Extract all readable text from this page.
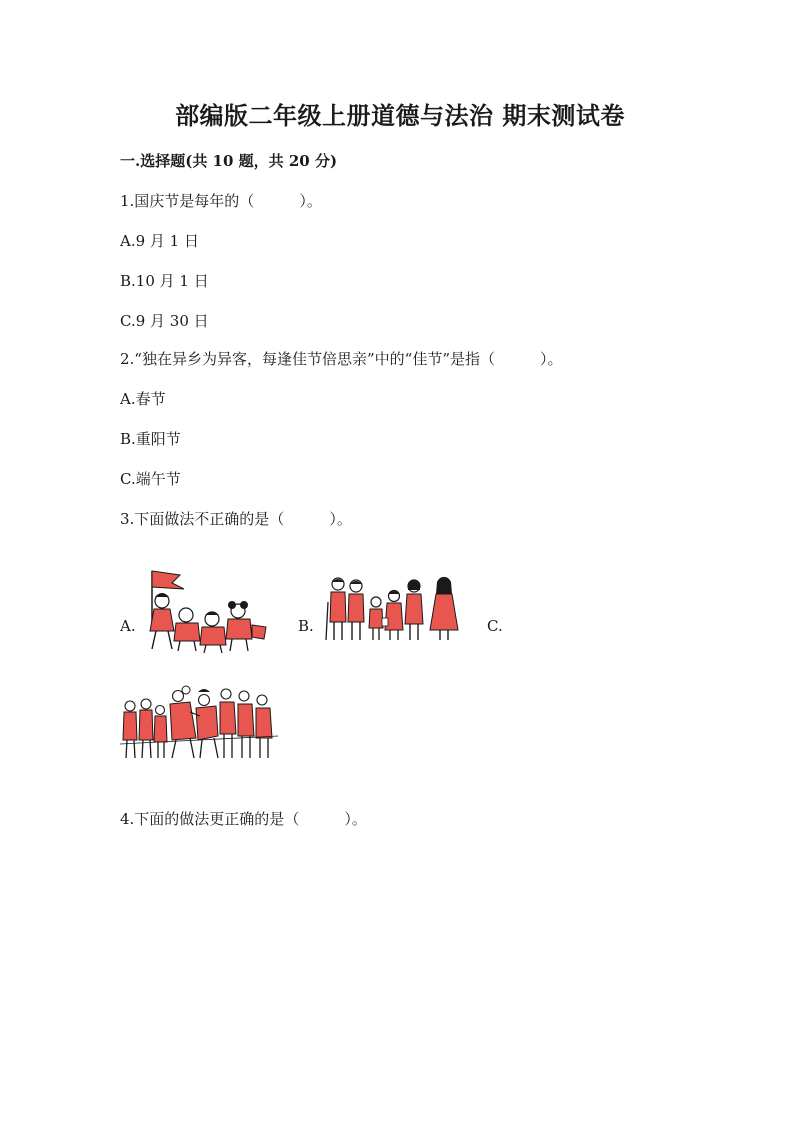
部编版二年级上册道德与法治 期末测试卷
一.选择题(共 10 题，共 20 分)
1.国庆节是每年的（　　　）。
A.9 月 1 日
B.10 月 1 日
C.9 月 30 日
2.“独在异乡为异客，每逢佳节倍思亲”中的“佳节”是指（　　　）。
A.春节
B.重阳节
C.端午节
3.下面做法不正确的是（　　　）。
A.	B.	C.
4.下面的做法更正确的是（　　　）。
